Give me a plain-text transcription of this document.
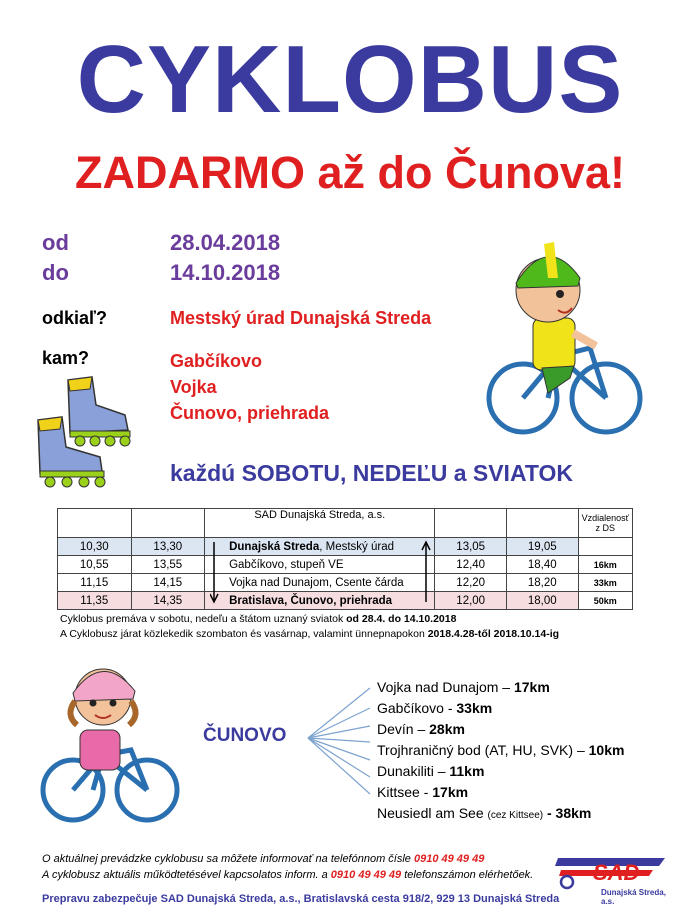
CYKLOBUS
ZADARMO až do Čunova!
od	28.04.2018
do	14.10.2018
odkiaľ?	Mestský úrad Dunajská Streda
kam?	Gabčíkovo
Vojka
Čunovo, priehrada
každú SOBOTU, NEDEĽU a SVIATOK
		SAD Dunajská Streda, a.s.			Vzdialenosť
z DS

10,30	13,30	Dunajská Streda, Mestský úrad	13,05	19,05	
10,55	13,55	Gabčíkovo, stupeň VE	12,40	18,40	16km
11,15	14,15	Vojka nad Dunajom, Csente čárda	12,20	18,20	33km
11,35	14,35	Bratislava, Čunovo, priehrada	12,00	18,00	50km
Cyklobus premáva v sobotu, nedeľu a štátom uznaný sviatok od 28.4. do 14.10.2018
A Cyklobusz járat közlekedik szombaton és vasárnap, valamint ünnepnapokon 2018.4.28-től 2018.10.14-ig
ČUNOVO
Vojka nad Dunajom – 17km
Gabčíkovo - 33km
Devín – 28km
Trojhraničný bod (AT, HU, SVK) – 10km
Dunakiliti – 11km
Kittsee - 17km
Neusiedl am See (cez Kittsee) - 38km
O aktuálnej prevádzke cyklobusu sa môžete informovať na telefónnom čísle 0910 49 49 49
A cyklobusz aktuális működtetésével kapcsolatos inform. a 0910 49 49 49 telefonszámon elérhetőek.
Prepravu zabezpečuje SAD Dunajská Streda, a.s., Bratislavská cesta 918/2, 929 13 Dunajská Streda
SAD
Dunajská Streda, a.s.
